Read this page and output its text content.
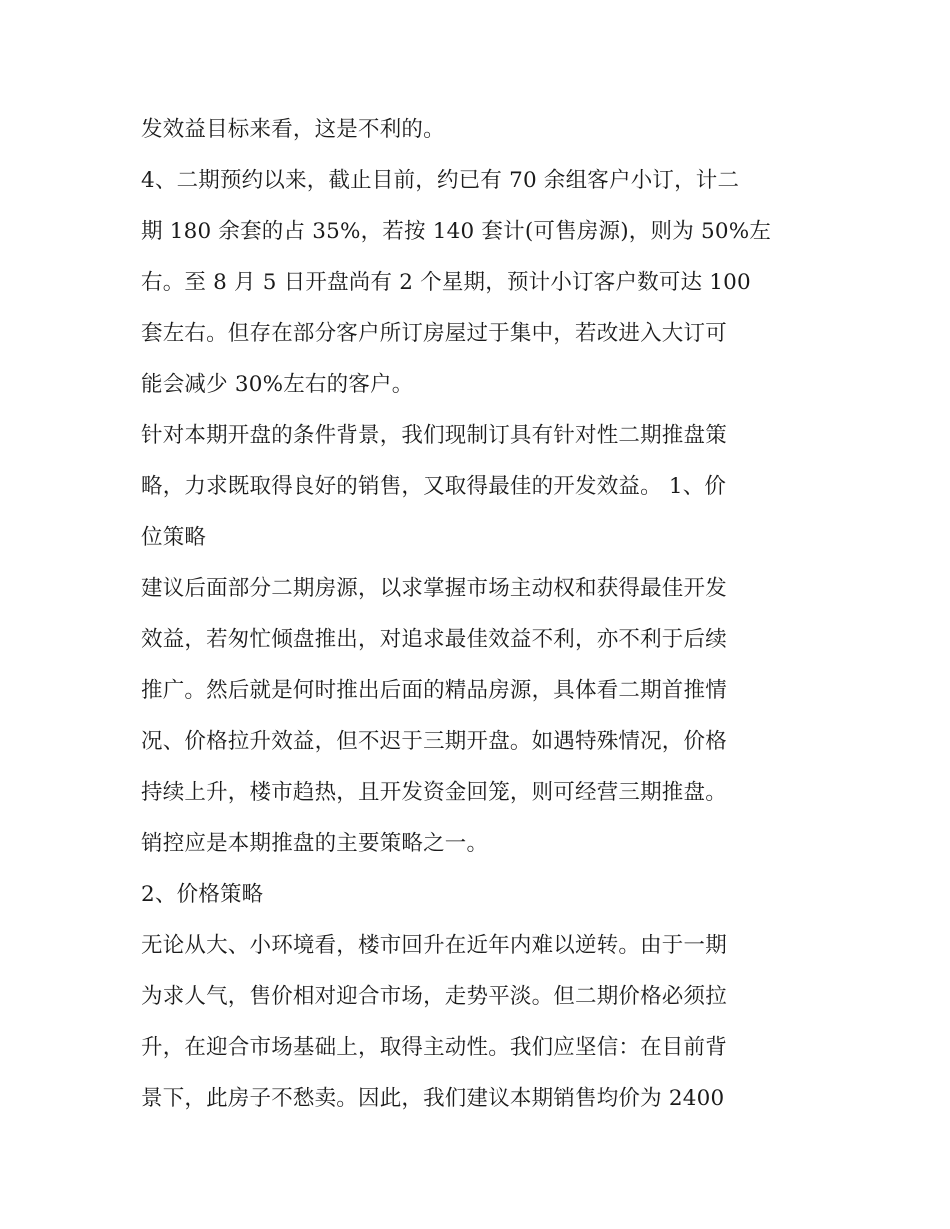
发效益目标来看，这是不利的。
4、二期预约以来，截止目前，约已有 70 余组客户小订，计二
期 180 余套的占 35%，若按 140 套计(可售房源)，则为 50%左
右。至 8 月 5 日开盘尚有 2 个星期，预计小订客户数可达 100
套左右。但存在部分客户所订房屋过于集中，若改进入大订可
能会减少 30%左右的客户。
针对本期开盘的条件背景，我们现制订具有针对性二期推盘策
略，力求既取得良好的销售，又取得最佳的开发效益。 1、价
位策略
建议后面部分二期房源，以求掌握市场主动权和获得最佳开发
效益，若匆忙倾盘推出，对追求最佳效益不利，亦不利于后续
推广。然后就是何时推出后面的精品房源，具体看二期首推情
况、价格拉升效益，但不迟于三期开盘。如遇特殊情况，价格
持续上升，楼市趋热，且开发资金回笼，则可经营三期推盘。
销控应是本期推盘的主要策略之一。
2、价格策略
无论从大、小环境看，楼市回升在近年内难以逆转。由于一期
为求人气，售价相对迎合市场，走势平淡。但二期价格必须拉
升，在迎合市场基础上，取得主动性。我们应坚信：在目前背
景下，此房子不愁卖。因此，我们建议本期销售均价为 2400
